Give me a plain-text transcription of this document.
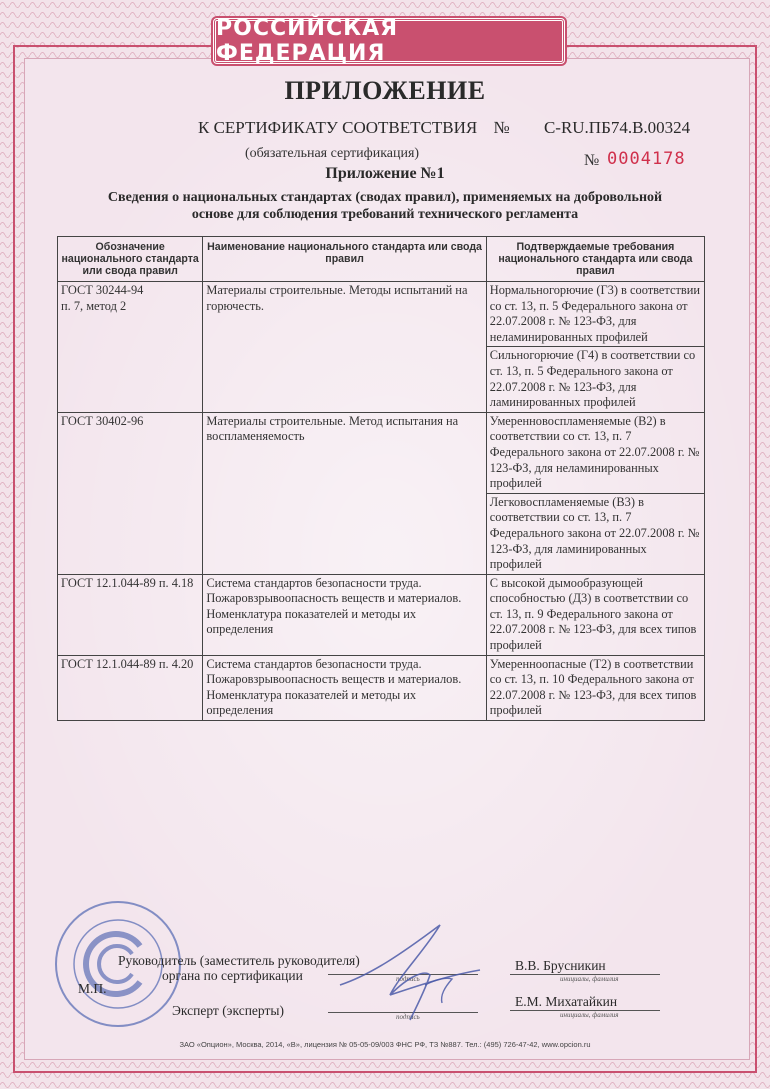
РОССИЙСКАЯ ФЕДЕРАЦИЯ
ПРИЛОЖЕНИЕ
К СЕРТИФИКАТУ СООТВЕТСТВИЯ № C-RU.ПБ74.В.00324
(обязательная сертификация)	№ 0004178
Приложение №1
Сведения о национальных стандартах (сводах правил), применяемых на добровольной
основе для соблюдения требований технического регламента
Обозначение национального стандарта или свода правил	Наименование национального стандарта или свода правил	Подтверждаемые требования национального стандарта или свода правил

ГОСТ 30244-94
п. 7, метод 2	Материалы строительные. Методы испытаний на горючесть.	Нормальногорючие (Г3) в соответствии со ст. 13, п. 5 Федерального закона от 22.07.2008 г. № 123-ФЗ, для неламинированных профилей
		Сильногорючие (Г4) в соответствии со ст. 13, п. 5 Федерального закона от 22.07.2008 г. № 123-ФЗ, для ламинированных профилей
ГОСТ 30402-96	Материалы строительные. Метод испытания на воспламеняемость	Умеренновоспламеняемые (В2) в соответствии со ст. 13, п. 7 Федерального закона от 22.07.2008 г. № 123-ФЗ, для неламинированных профилей
		Легковоспламеняемые (В3) в соответствии со ст. 13, п. 7 Федерального закона от 22.07.2008 г. № 123-ФЗ, для ламинированных профилей
ГОСТ 12.1.044-89 п. 4.18	Система стандартов безопасности труда. Пожаровзрывоопасность веществ и материалов. Номенклатура показателей и методы их определения	С высокой дымообразующей способностью (Д3) в соответствии со ст. 13, п. 9 Федерального закона от 22.07.2008 г. № 123-ФЗ, для всех типов профилей
ГОСТ 12.1.044-89 п. 4.20	Система стандартов безопасности труда. Пожаровзрывоопасность веществ и материалов. Номенклатура показателей и методы их определения	Умеренноопасные (Т2) в соответствии со ст. 13, п. 10 Федерального закона от 22.07.2008 г. № 123-ФЗ, для всех типов профилей
Руководитель (заместитель руководителя)
органа по сертификации
М.П.
Эксперт (эксперты)
подпись
подпись
В.В. Брусникин
инициалы, фамилия
Е.М. Михатайкин
инициалы, фамилия
ЗАО «Опцион», Москва, 2014, «В», лицензия № 05-05-09/003 ФНС РФ, ТЗ №887. Тел.: (495) 726-47-42, www.opcion.ru
